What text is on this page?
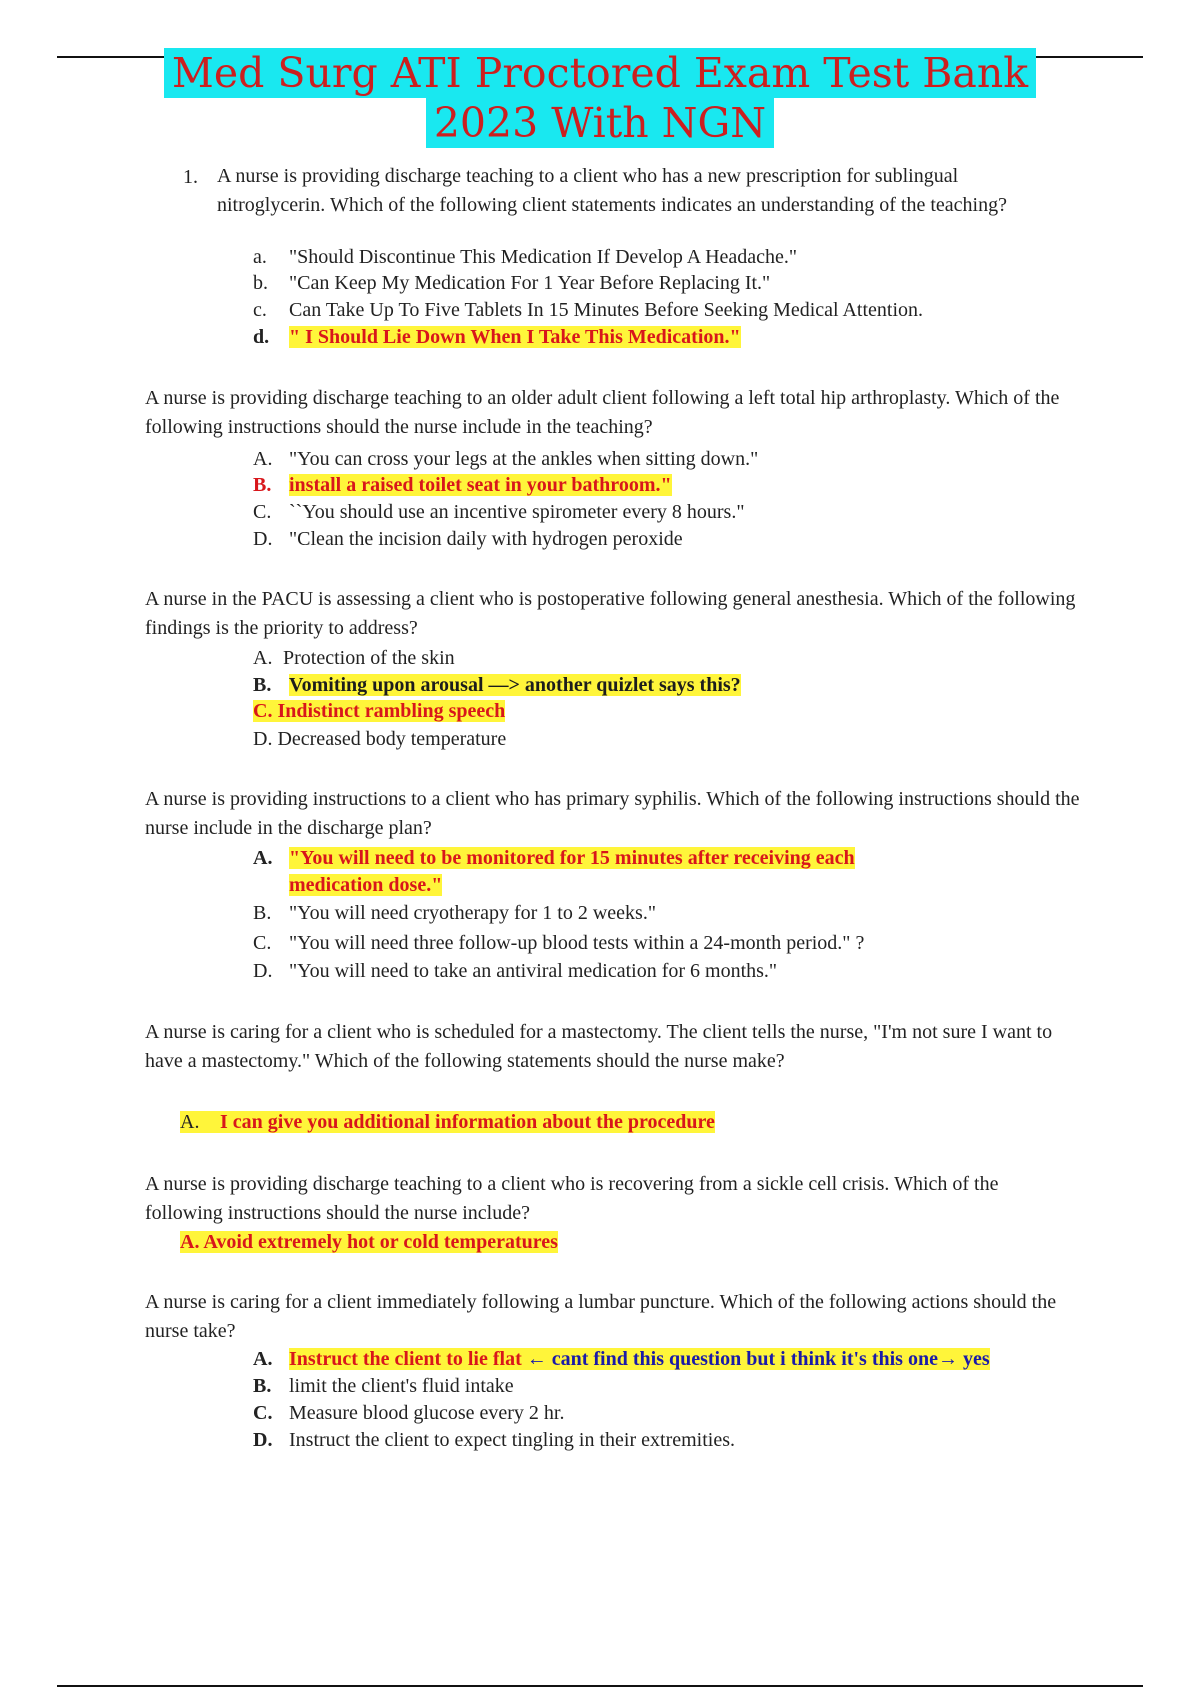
Med Surg ATI Proctored Exam Test Bank
2023 With NGN
1. A nurse is providing discharge teaching to a client who has a new prescription for sublingual nitroglycerin. Which of the following client statements indicates an understanding of the teaching?
a. "Should Discontinue This Medication If Develop A Headache."
b. "Can Keep My Medication For 1 Year Before Replacing It."
c. Can Take Up To Five Tablets In 15 Minutes Before Seeking Medical Attention.
d. " I Should Lie Down When I Take This Medication."
A nurse is providing discharge teaching to an older adult client following a left total hip arthroplasty. Which of the following instructions should the nurse include in the teaching?
A. "You can cross your legs at the ankles when sitting down."
B. install a raised toilet seat in your bathroom."
C. ``You should use an incentive spirometer every 8 hours."
D. "Clean the incision daily with hydrogen peroxide
A nurse in the PACU is assessing a client who is postoperative following general anesthesia. Which of the following findings is the priority to address?
A. Protection of the skin
B. Vomiting upon arousal —> another quizlet says this?
C. Indistinct rambling speech
D. Decreased body temperature
A nurse is providing instructions to a client who has primary syphilis. Which of the following instructions should the nurse include in the discharge plan?
A. "You will need to be monitored for 15 minutes after receiving each
medication dose."
B. "You will need cryotherapy for 1 to 2 weeks."
C. "You will need three follow-up blood tests within a 24-month period." ?
D. "You will need to take an antiviral medication for 6 months."
A nurse is caring for a client who is scheduled for a mastectomy. The client tells the nurse, "I'm not sure I want to have a mastectomy." Which of the following statements should the nurse make?
A. I can give you additional information about the procedure
A nurse is providing discharge teaching to a client who is recovering from a sickle cell crisis. Which of the following instructions should the nurse include?
A. Avoid extremely hot or cold temperatures
A nurse is caring for a client immediately following a lumbar puncture. Which of the following actions should the nurse take?
A. Instruct the client to lie flat ← cant find this question but i think it's this one→ yes
B. limit the client's fluid intake
C. Measure blood glucose every 2 hr.
D. Instruct the client to expect tingling in their extremities.
